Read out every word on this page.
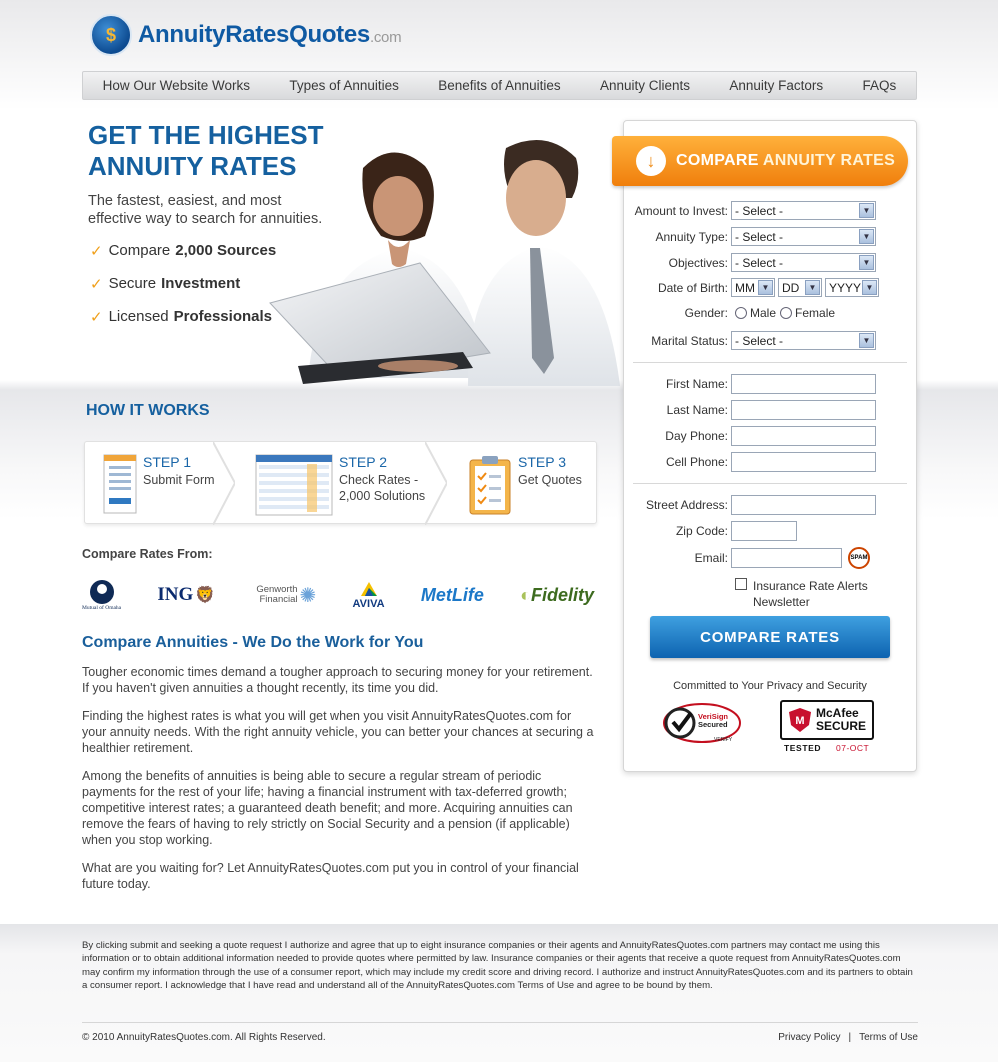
$ AnnuityRatesQuotes.com
How Our Website Works	Types of Annuities	Benefits of Annuities	Annuity Clients	Annuity Factors	FAQs
GET THE HIGHEST ANNUITY RATES
The fastest, easiest, and most effective way to search for annuities.
✓ Compare 2,000 Sources
✓ Secure Investment
✓ Licensed Professionals
HOW IT WORKS
STEP 1
Submit Form
STEP 2
Check Rates - 2,000 Solutions
STEP 3
Get Quotes
Compare Rates From:
Mutual of Omaha
ING 🦁	Genworth Financial ✺	AVIVA MetLife ◐ Fidelity
Compare Annuities - We Do the Work for You

Tougher economic times demand a tougher approach to securing money for your retirement. If you haven't given annuities a thought recently, its time you did.

Finding the highest rates is what you will get when you visit AnnuityRatesQuotes.com for your annuity needs. With the right annuity vehicle, you can better your chances at securing a healthier retirement.

Among the benefits of annuities is being able to secure a regular stream of periodic payments for the rest of your life; having a financial instrument with tax-deferred growth; competitive interest rates; a guaranteed death benefit; and more. Acquiring annuities can remove the fears of having to rely strictly on Social Security and a pension (if applicable) when you stop working.

What are you waiting for? Let AnnuityRatesQuotes.com put you in control of your financial future today.

↓	COMPARE ANNUITY RATES
Amount to Invest: - Select -	▼
Annuity Type: - Select -	▼
Objectives: - Select -	▼
Date of Birth: MM ▼ DD	▼ YYYY ▼
Gender: Male Female
Marital Status: - Select -	▼
First Name:
Last Name:
Day Phone:
Cell Phone:
Street Address:
Zip Code:
Email:	SPAM
Insurance Rate Alerts Newsletter
COMPARE RATES
Committed to Your Privacy and Security
VeriSign
Secured
VERIFY
M
McAfee
SECURE
TESTED 07-OCT
By clicking submit and seeking a quote request I authorize and agree that up to eight insurance companies or their agents and AnnuityRatesQuotes.com partners may contact me using this information or to obtain additional information needed to provide quotes where permitted by law. Insurance companies or their agents that receive a quote request from AnnuityRatesQuotes.com may confirm my information through the use of a consumer report, which may include my credit score and driving record. I authorize and instruct AnnuityRatesQuotes.com and its partners to obtain a consumer report. I acknowledge that I have read and understand all of the AnnuityRatesQuotes.com Terms of Use and agree to be bound by them.
© 2010 AnnuityRatesQuotes.com. All Rights Reserved.	Privacy Policy | Terms of Use
